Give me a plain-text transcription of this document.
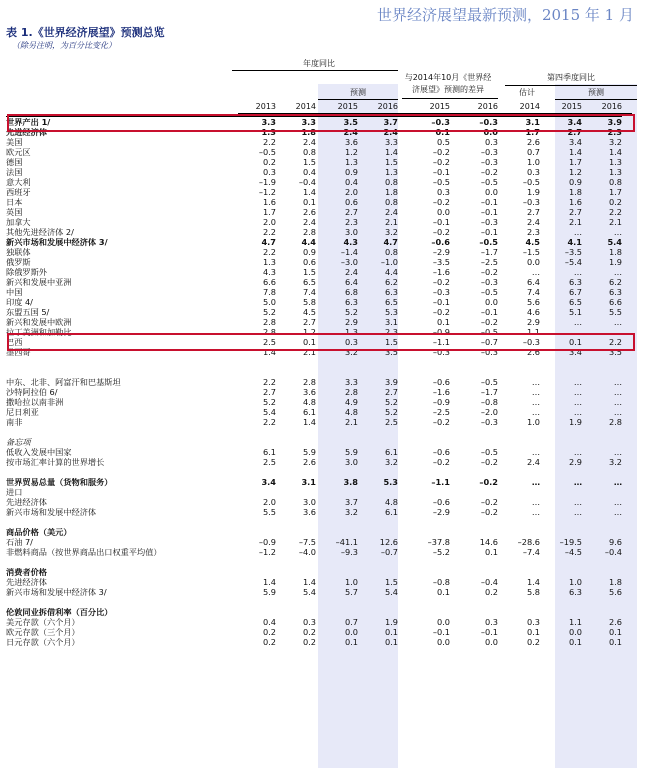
世界经济展望最新预测，2015 年 1 月
表 1.《世界经济展望》预测总览
（除另注明，为百分比变化）
年度同比
预测
与2014年10月《世界经
济展望》预测的差异
第四季度同比
估计	预测
2013	2014	2015	2016	2015	2016	2014	2015	2016
世界产出 1/	3.3	3.3	3.5	3.7	–0.3	–0.3	3.1	3.4	3.9
先进经济体	1.3	1.8	2.4	2.4	0.1	0.0	1.7	2.7	2.3
美国	2.2	2.4	3.6	3.3	0.5	0.3	2.6	3.4	3.2
欧元区	–0.5	0.8	1.2	1.4	–0.2	–0.3	0.7	1.4	1.4
德国	0.2	1.5	1.3	1.5	–0.2	–0.3	1.0	1.7	1.3
法国	0.3	0.4	0.9	1.3	–0.1	–0.2	0.3	1.2	1.3
意大利	–1.9	–0.4	0.4	0.8	–0.5	–0.5	–0.5	0.9	0.8
西班牙	–1.2	1.4	2.0	1.8	0.3	0.0	1.9	1.8	1.7
日本	1.6	0.1	0.6	0.8	–0.2	–0.1	–0.3	1.6	0.2
英国	1.7	2.6	2.7	2.4	0.0	–0.1	2.7	2.7	2.2
加拿大	2.0	2.4	2.3	2.1	–0.1	–0.3	2.4	2.1	2.1
其他先进经济体 2/	2.2	2.8	3.0	3.2	–0.2	–0.1	2.3	…	…
新兴市场和发展中经济体 3/	4.7	4.4	4.3	4.7	–0.6	–0.5	4.5	4.1	5.4
独联体	2.2	0.9	–1.4	0.8	–2.9	–1.7	–1.5	–3.5	1.8
俄罗斯	1.3	0.6	–3.0	–1.0	–3.5	–2.5	0.0	–5.4	1.9
除俄罗斯外	4.3	1.5	2.4	4.4	–1.6	–0.2	…	…	…
新兴和发展中亚洲	6.6	6.5	6.4	6.2	–0.2	–0.3	6.4	6.3	6.2
中国	7.8	7.4	6.8	6.3	–0.3	–0.5	7.4	6.7	6.3
印度 4/	5.0	5.8	6.3	6.5	–0.1	0.0	5.6	6.5	6.6
东盟五国 5/	5.2	4.5	5.2	5.3	–0.2	–0.1	4.6	5.1	5.5
新兴和发展中欧洲	2.8	2.7	2.9	3.1	0.1	–0.2	2.9	…	…
拉丁美洲和加勒比	2.8	1.2	1.3	2.3	–0.9	–0.5	1.1	…	…
巴西	2.5	0.1	0.3	1.5	–1.1	–0.7	–0.3	0.1	2.2
墨西哥	1.4	2.1	3.2	3.5	–0.3	–0.3	2.6	3.4	3.5

中东、北非、阿富汗和巴基斯坦	2.2	2.8	3.3	3.9	–0.6	–0.5	…	…	…
沙特阿拉伯 6/	2.7	3.6	2.8	2.7	–1.6	–1.7	…	…	…
撒哈拉以南非洲	5.2	4.8	4.9	5.2	–0.9	–0.8	…	…	…
尼日利亚	5.4	6.1	4.8	5.2	–2.5	–2.0	…	…	…
南非	2.2	1.4	2.1	2.5	–0.2	–0.3	1.0	1.9	2.8

备忘项									
低收入发展中国家	6.1	5.9	5.9	6.1	–0.6	–0.5	…	…	…
按市场汇率计算的世界增长	2.5	2.6	3.0	3.2	–0.2	–0.2	2.4	2.9	3.2

世界贸易总量（货物和服务）	3.4	3.1	3.8	5.3	–1.1	–0.2	…	…	…
进口									
先进经济体	2.0	3.0	3.7	4.8	–0.6	–0.2	…	…	…
新兴市场和发展中经济体	5.5	3.6	3.2	6.1	–2.9	–0.2	…	…	…

商品价格（美元）									
石油 7/	–0.9	–7.5	–41.1	12.6	–37.8	14.6	–28.6	–19.5	9.6
非燃料商品（按世界商品出口权重平均值）	–1.2	–4.0	–9.3	–0.7	–5.2	0.1	–7.4	–4.5	–0.4

消费者价格									
先进经济体	1.4	1.4	1.0	1.5	–0.8	–0.4	1.4	1.0	1.8
新兴市场和发展中经济体 3/	5.9	5.4	5.7	5.4	0.1	0.2	5.8	6.3	5.6

伦敦同业拆借利率（百分比）									
美元存款（六个月）	0.4	0.3	0.7	1.9	0.0	0.3	0.3	1.1	2.6
欧元存款（三个月）	0.2	0.2	0.0	0.1	–0.1	–0.1	0.1	0.0	0.1
日元存款（六个月）	0.2	0.2	0.1	0.1	0.0	0.0	0.2	0.1	0.1
